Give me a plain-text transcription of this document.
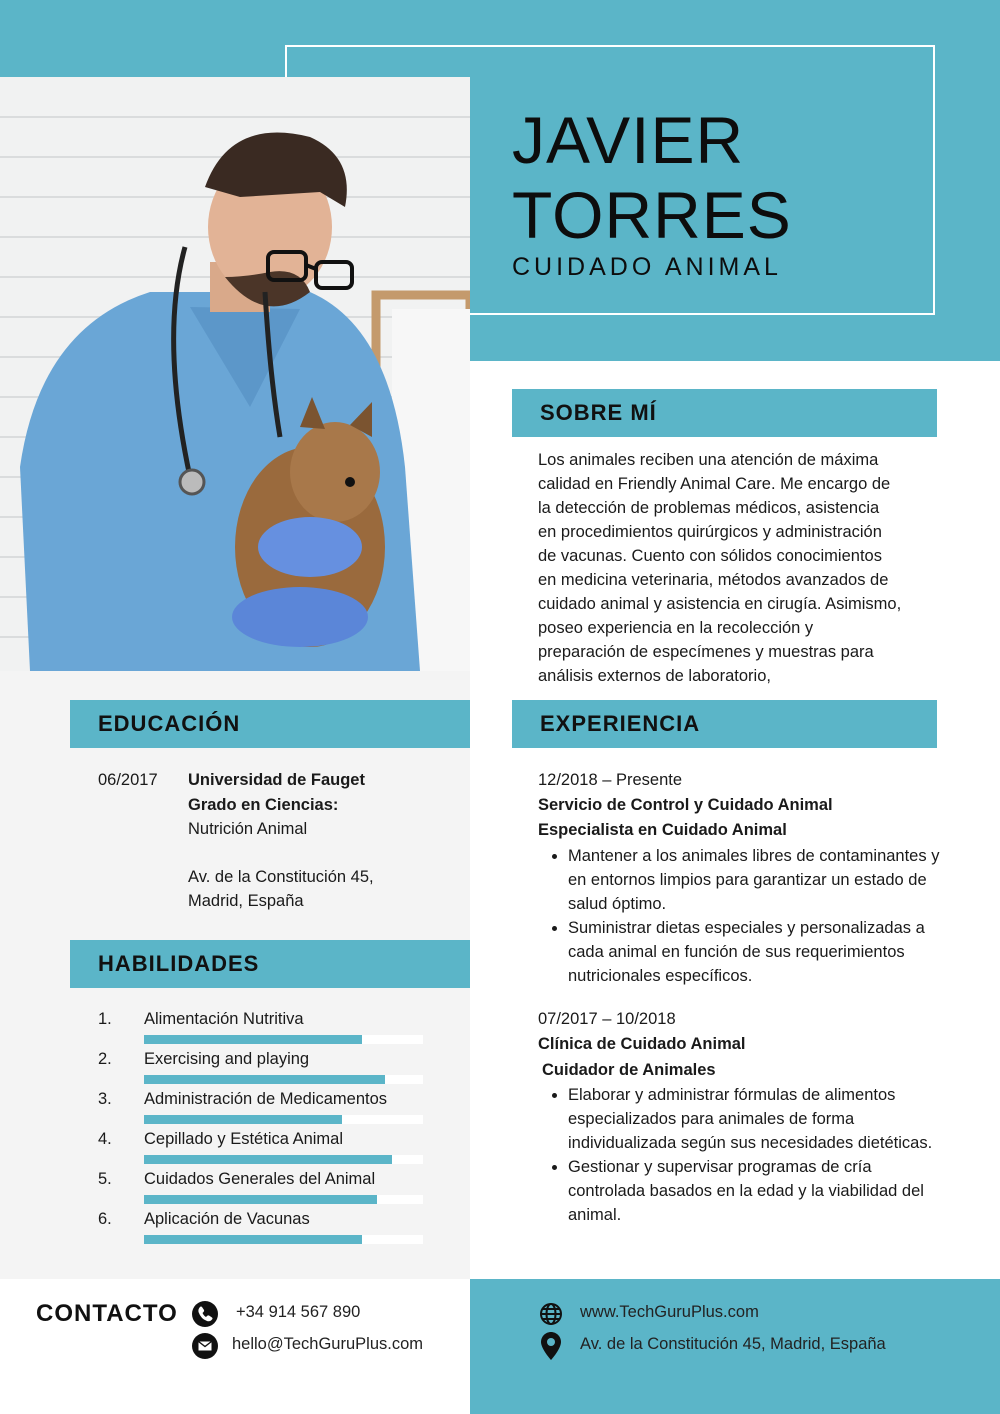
JAVIER
TORRES
CUIDADO ANIMAL
SOBRE MÍ
Los animales reciben una atención de máxima
calidad en Friendly Animal Care. Me encargo de
la detección de problemas médicos, asistencia
en procedimientos quirúrgicos y administración
de vacunas. Cuento con sólidos conocimientos
en medicina veterinaria, métodos avanzados de
cuidado animal y asistencia en cirugía. Asimismo,
poseo experiencia en la recolección y
preparación de especímenes y muestras para
análisis externos de laboratorio,
EDUCACIÓN
06/2017 Universidad de Fauget
Grado en Ciencias:
Nutrición Animal
Av. de la Constitución 45,
Madrid, España
HABILIDADES
1. Alimentación Nutritiva
2. Exercising and playing
3. Administración de Medicamentos
4. Cepillado y Estética Animal
5. Cuidados Generales del Animal
6. Aplicación de Vacunas
EXPERIENCIA
12/2018 – Presente
Servicio de Control y Cuidado Animal
Especialista en Cuidado Animal
• Mantener a los animales libres de contaminantes y en entornos limpios para garantizar un estado de salud óptimo.
• Suministrar dietas especiales y personalizadas a cada animal en función de sus requerimientos nutricionales específicos.
07/2017 – 10/2018
Clínica de Cuidado Animal
Cuidador de Animales
• Elaborar y administrar fórmulas de alimentos especializados para animales de forma individualizada según sus necesidades dietéticas.
• Gestionar y supervisar programas de cría controlada basados en la edad y la viabilidad del animal.
CONTACTO	+34 914 567 890
hello@TechGuruPlus.com
www.TechGuruPlus.com
Av. de la Constitución 45, Madrid, España
